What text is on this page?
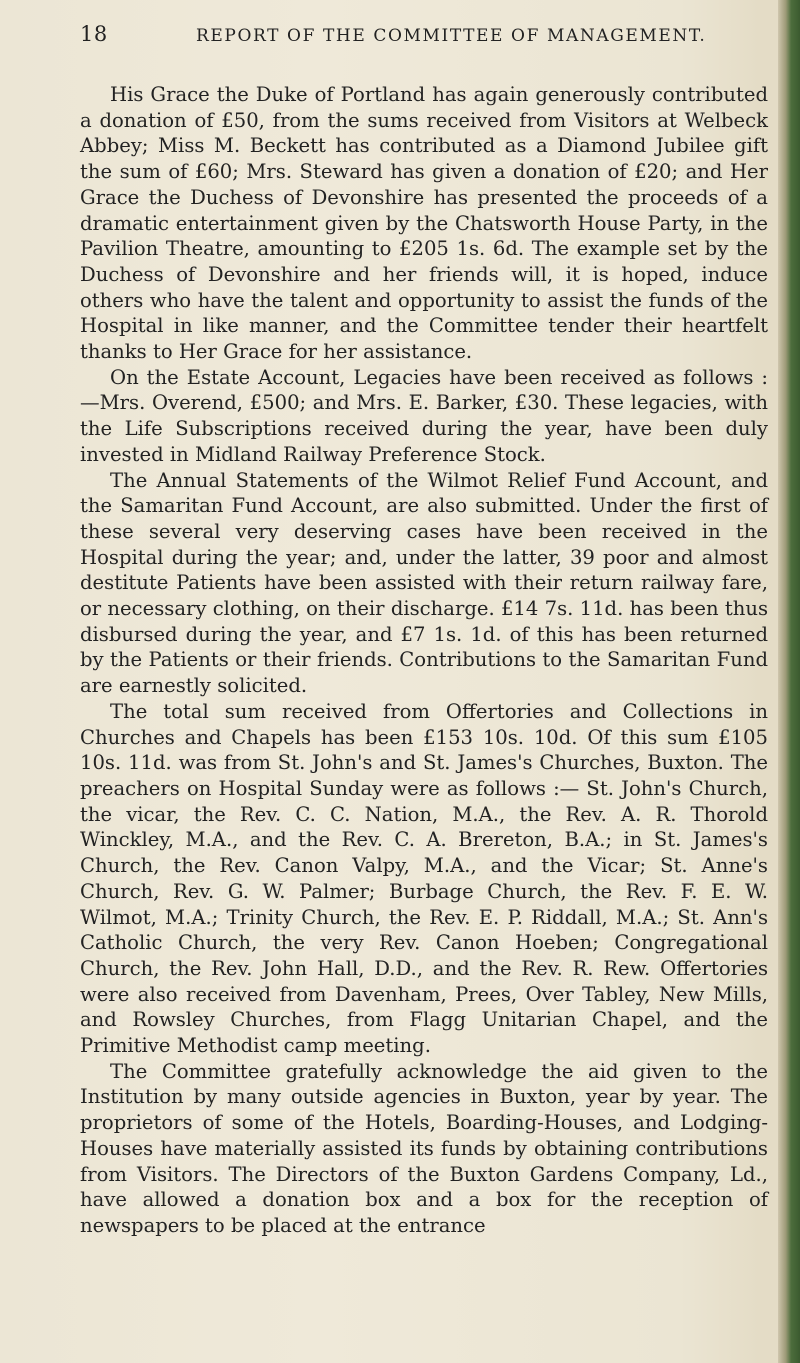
18	REPORT OF THE COMMITTEE OF MANAGEMENT.

His Grace the Duke of Portland has again generously contributed a donation of £50, from the sums received from Visitors at Welbeck Abbey; Miss M. Beckett has contributed as a Diamond Jubilee gift the sum of £60; Mrs. Steward has given a donation of £20; and Her Grace the Duchess of Devonshire has presented the proceeds of a dramatic entertainment given by the Chatsworth House Party, in the Pavilion Theatre, amounting to £205 1s. 6d. The example set by the Duchess of Devonshire and her friends will, it is hoped, induce others who have the talent and opportunity to assist the funds of the Hospital in like manner, and the Committee tender their heartfelt thanks to Her Grace for her assistance.

On the Estate Account, Legacies have been received as follows :—Mrs. Overend, £500; and Mrs. E. Barker, £30. These legacies, with the Life Subscriptions received during the year, have been duly invested in Midland Railway Preference Stock.

The Annual Statements of the Wilmot Relief Fund Account, and the Samaritan Fund Account, are also submitted. Under the first of these several very deserving cases have been received in the Hospital during the year; and, under the latter, 39 poor and almost destitute Patients have been assisted with their return railway fare, or necessary clothing, on their discharge. £14 7s. 11d. has been thus disbursed during the year, and £7 1s. 1d. of this has been returned by the Patients or their friends. Contributions to the Samaritan Fund are earnestly solicited.

The total sum received from Offertories and Collections in Churches and Chapels has been £153 10s. 10d. Of this sum £105 10s. 11d. was from St. John's and St. James's Churches, Buxton. The preachers on Hospital Sunday were as follows :— St. John's Church, the vicar, the Rev. C. C. Nation, M.A., the Rev. A. R. Thorold Winckley, M.A., and the Rev. C. A. Brereton, B.A.; in St. James's Church, the Rev. Canon Valpy, M.A., and the Vicar; St. Anne's Church, Rev. G. W. Palmer; Burbage Church, the Rev. F. E. W. Wilmot, M.A.; Trinity Church, the Rev. E. P. Riddall, M.A.; St. Ann's Catholic Church, the very Rev. Canon Hoeben; Congregational Church, the Rev. John Hall, D.D., and the Rev. R. Rew. Offertories were also received from Davenham, Prees, Over Tabley, New Mills, and Rowsley Churches, from Flagg Unitarian Chapel, and the Primitive Methodist camp meeting.

The Committee gratefully acknowledge the aid given to the Institution by many outside agencies in Buxton, year by year. The proprietors of some of the Hotels, Boarding-Houses, and Lodging-Houses have materially assisted its funds by obtaining contributions from Visitors. The Directors of the Buxton Gardens Company, Ld., have allowed a donation box and a box for the reception of newspapers to be placed at the entrance
